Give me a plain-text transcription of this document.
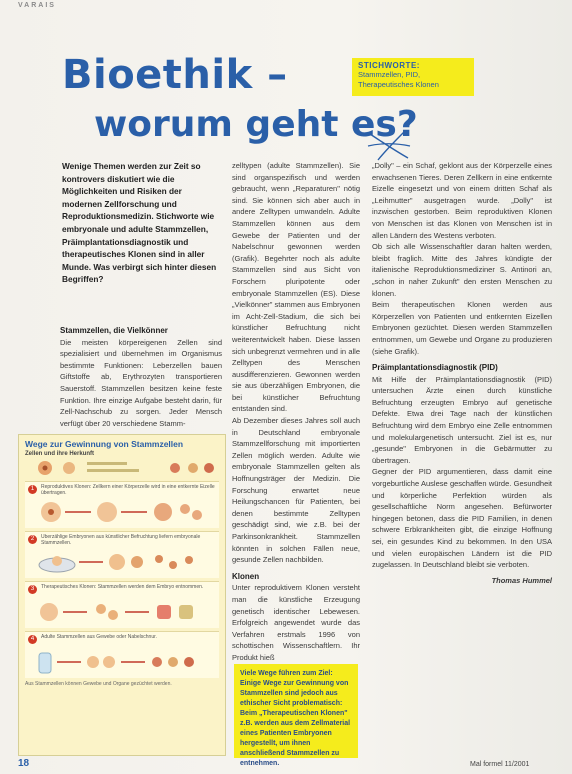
VARAIS
Bioethik –
worum geht es?
STICHWORTE:
Stammzellen, PID,
Therapeutisches Klonen
Wenige Themen werden zur Zeit so kontrovers diskutiert wie die Möglichkeiten und Risiken der modernen Zellforschung und Reproduktionsmedizin. Stichworte wie embryonale und adulte Stammzellen, Präimplantationsdiagnostik und therapeutisches Klonen sind in aller Munde. Was verbirgt sich hinter diesen Begriffen?
Stammzellen, die Vielkönner

Die meisten körpereigenen Zellen sind spezialisiert und übernehmen im Organismus bestimmte Funktionen: Leberzellen bauen Giftstoffe ab, Erythrozyten transportieren Sauerstoff. Stammzellen besitzen keine feste Funktion. Ihre einzige Aufgabe besteht darin, für Zell-Nachschub zu sorgen. Jeder Mensch verfügt über 20 verschiedene Stamm-

zelltypen (adulte Stammzellen). Sie sind organspezifisch und werden gebraucht, wenn „Reparaturen" nötig sind. Sie können sich aber auch in andere Zelltypen umwandeln. Adulte Stammzellen können aus dem Gewebe der Patienten und der Nabelschnur gewonnen werden (Grafik). Begehrter noch als adulte Stammzellen sind aus Sicht von Forschern pluripotente oder embryonale Stammzellen (ES). Diese „Vielkönner" stammen aus Embryonen im Acht-Zell-Stadium, die sich bei künstlicher Befruchtung nicht weiterentwickelt haben. Diese lassen sich unbegrenzt vermehren und in alle Zelltypen des Menschen ausdifferenzieren. Gewonnen werden sie aus überzähligen Embryonen, die bei künstlicher Befruchtung entstanden sind.

Ab Dezember dieses Jahres soll auch in Deutschland embryonale Stammzellforschung mit importierten Zellen möglich werden. Adulte wie embryonale Stammzellen gelten als Hoffnungsträger der Medizin. Die Forschung erwartet neue Heilungschancen für Patienten, bei denen bestimmte Zelltypen geschädigt sind, wie z.B. bei der Parkinsonkrankheit. Stammzellen könnten in solchen Fällen neue, gesunde Zellen nachbilden.

Klonen

Unter reproduktivem Klonen versteht man die künstliche Erzeugung genetisch identischer Lebewesen. Erfolgreich angewendet wurde das Verfahren erstmals 1996 von schottischen Wissenschaftlern. Ihr Produkt hieß

„Dolly" – ein Schaf, geklont aus der Körperzelle eines erwachsenen Tieres. Deren Zellkern in eine entkernte Eizelle eingesetzt und von einem dritten Schaf als „Leihmutter" ausgetragen wurde. „Dolly" ist inzwischen gestorben. Beim reproduktiven Klonen von Menschen ist das Klonen von Menschen ist in allen Ländern des Westens verboten.

Ob sich alle Wissenschaftler daran halten werden, bleibt fraglich. Mitte des Jahres kündigte der italienische Reproduktionsmediziner S. Antinori an, „schon in naher Zukunft" den ersten Menschen zu klonen.

Beim therapeutischen Klonen werden aus Körperzellen von Patienten und entkernten Eizellen Embryonen gezüchtet. Diesen werden Stammzellen entnommen, um Gewebe und Organe zu produzieren (siehe Grafik).

Präimplantationsdiagnostik (PID)

Mit Hilfe der Präimplantationsdiagnostik (PID) untersuchen Ärzte einen durch künstliche Befruchtung erzeugten Embryo auf genetische Defekte. Etwa drei Tage nach der künstlichen Befruchtung wird dem Embryo eine Zelle entnommen und molekulargenetisch untersucht. Ziel ist es, nur „gesunde" Embryonen in die Gebärmutter zu übertragen.

Gegner der PID argumentieren, dass damit eine vorgeburtliche Auslese geschaffen würde. Gesundheit und körperliche Perfektion würden als gesellschaftliche Norm angesehen. Befürworter hingegen betonen, dass die PID Familien, in denen schwere Erbkrankheiten gibt, die einzige Hoffnung sei, ein gesundes Kind zu bekommen. In den USA und vielen europäischen Ländern ist die PID zugelassen. In Deutschland bleibt sie verboten.

Thomas Hummel

Wege zur Gewinnung von Stammzellen
Zellen und ihre Herkunft
1	Reproduktives Klonen: Zellkern einer Körperzelle wird in eine entkernte Eizelle übertragen.
2	Überzählige Embryonen aus künstlicher Befruchtung liefern embryonale Stammzellen.
3	Therapeutisches Klonen: Stammzellen werden dem Embryo entnommen.
4	Adulte Stammzellen aus Gewebe oder Nabelschnur.
Aus Stammzellen können Gewebe und Organe gezüchtet werden.
Viele Wege führen zum Ziel: Einige Wege zur Gewinnung von Stammzellen sind jedoch aus ethischer Sicht problematisch: Beim „Therapeutischen Klonen" z.B. werden aus dem Zellmaterial eines Patienten Embryonen hergestellt, um ihnen anschließend Stammzellen zu entnehmen.
18	Mal formel 11/2001
